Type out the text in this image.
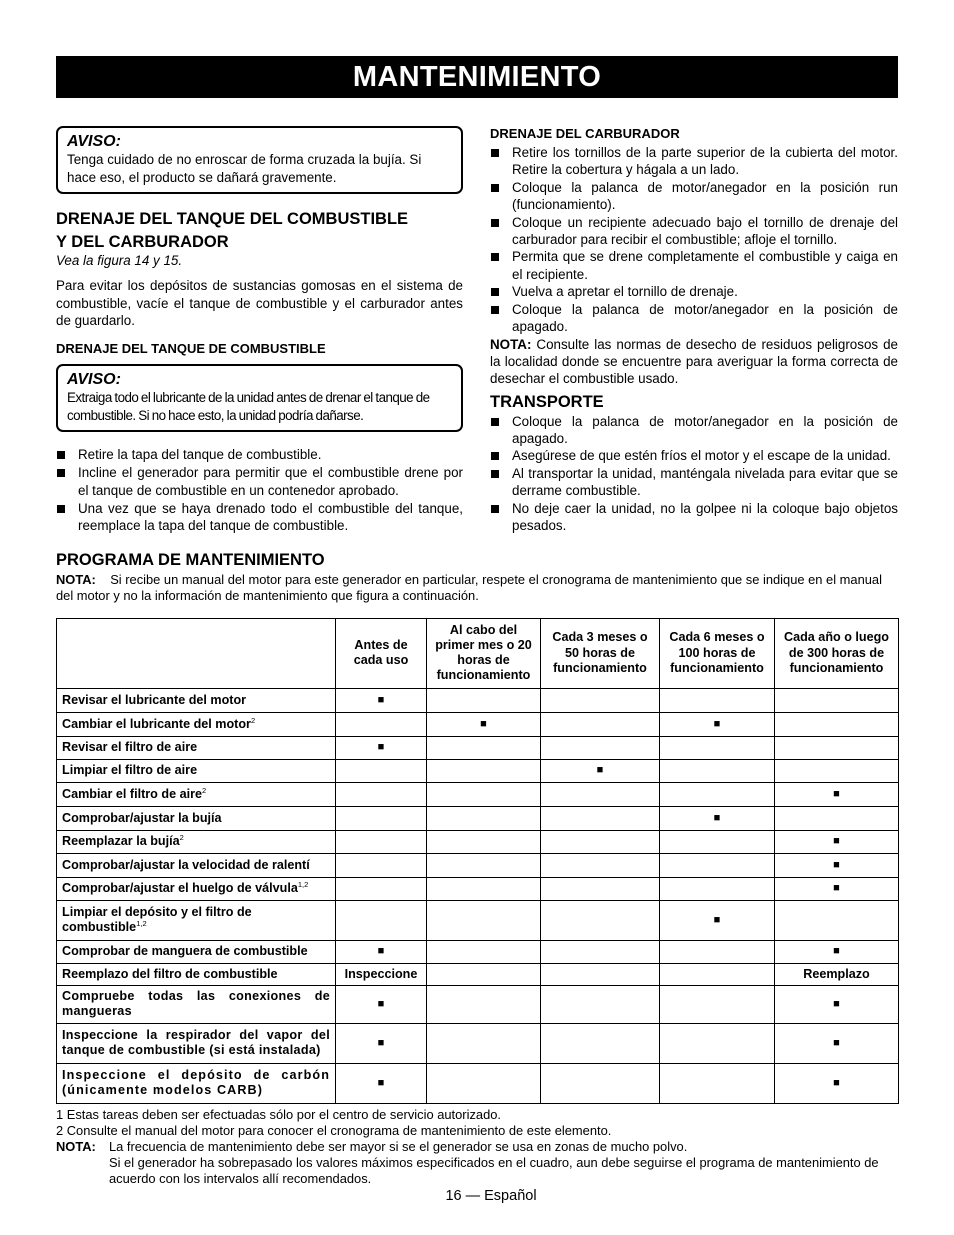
MANTENIMIENTO
AVISO:
Tenga cuidado de no enroscar de forma cruzada la bujía. Si hace eso, el producto se dañará gravemente.
DRENAJE DEL TANQUE DEL COMBUSTIBLE
Y DEL CARBURADOR
Vea la figura 14 y 15.

Para evitar los depósitos de sustancias gomosas en el sistema de combustible, vacíe el tanque de combustible y el carburador antes de guardarlo.

DRENAJE DEL TANQUE DE COMBUSTIBLE
AVISO:
Extraiga todo el lubricante de la unidad antes de drenar el tanque de combustible. Si no hace esto, la unidad podría dañarse.
Retire la tapa del tanque de combustible.
Incline el generador para permitir que el combustible drene por el tanque de combustible en un contenedor aprobado.
Una vez que se haya drenado todo el combustible del tanque, reemplace la tapa del tanque de combustible.
DRENAJE DEL CARBURADOR
Retire los tornillos de la parte superior de la cubierta del motor. Retire la cobertura y hágala a un lado.
Coloque la palanca de motor/anegador en la posición run (funcionamiento).
Coloque un recipiente adecuado bajo el tornillo de drenaje del carburador para recibir el combustible; afloje el tornillo.
Permita que se drene completamente el combustible y caiga en el recipiente.
Vuelva a apretar el tornillo de drenaje.
Coloque la palanca de motor/anegador en la posición de apagado.

NOTA: Consulte las normas de desecho de residuos peligrosos de la localidad donde se encuentre para averiguar la forma correcta de desechar el combustible usado.

TRANSPORTE
Coloque la palanca de motor/anegador en la posición de apagado.
Asegúrese de que estén fríos el motor y el escape de la unidad.
Al transportar la unidad, manténgala nivelada para evitar que se derrame combustible.
No deje caer la unidad, no la golpee ni la coloque bajo objetos pesados.
PROGRAMA DE MANTENIMIENTO
NOTA: Si recibe un manual del motor para este generador en particular, respete el cronograma de mantenimiento que se indique en el manual del motor y no la información de mantenimiento que figura a continuación.
	Antes de cada uso	Al cabo del primer mes o 20 horas de funcionamiento	Cada 3 meses o 50 horas de funcionamiento	Cada 6 meses o 100 horas de funcionamiento	Cada año o luego de 300 horas de funcionamiento
Revisar el lubricante del motor	■				
Cambiar el lubricante del motor$^2$		■		■	
Revisar el filtro de aire	■				
Limpiar el filtro de aire			■		
Cambiar el filtro de aire$^2$					■
Comprobar/ajustar la bujía				■	
Reemplazar la bujía$^2$					■
Comprobar/ajustar la velocidad de ralentí					■
Comprobar/ajustar el huelgo de válvula$^{1,2}$					■
Limpiar el depósito y el filtro de combustible$^{1,2}$				■	
Comprobar de manguera de combustible	■				■
Reemplazo del filtro de combustible	Inspeccione				Reemplazo
Compruebe todas las conexiones de mangueras	■				■
Inspeccione la respirador del vapor del tanque de combustible (si está instalada)	■				■
Inspeccione el depósito de carbón (únicamente modelos CARB)	■				■
1 Estas tareas deben ser efectuadas sólo por el centro de servicio autorizado.
2 Consulte el manual del motor para conocer el cronograma de mantenimiento de este elemento.
NOTA:	La frecuencia de mantenimiento debe ser mayor si se el generador se usa en zonas de mucho polvo.
Si el generador ha sobrepasado los valores máximos especificados en el cuadro, aun debe seguirse el programa de mantenimiento de acuerdo con los intervalos allí recomendados.
16 — Español
